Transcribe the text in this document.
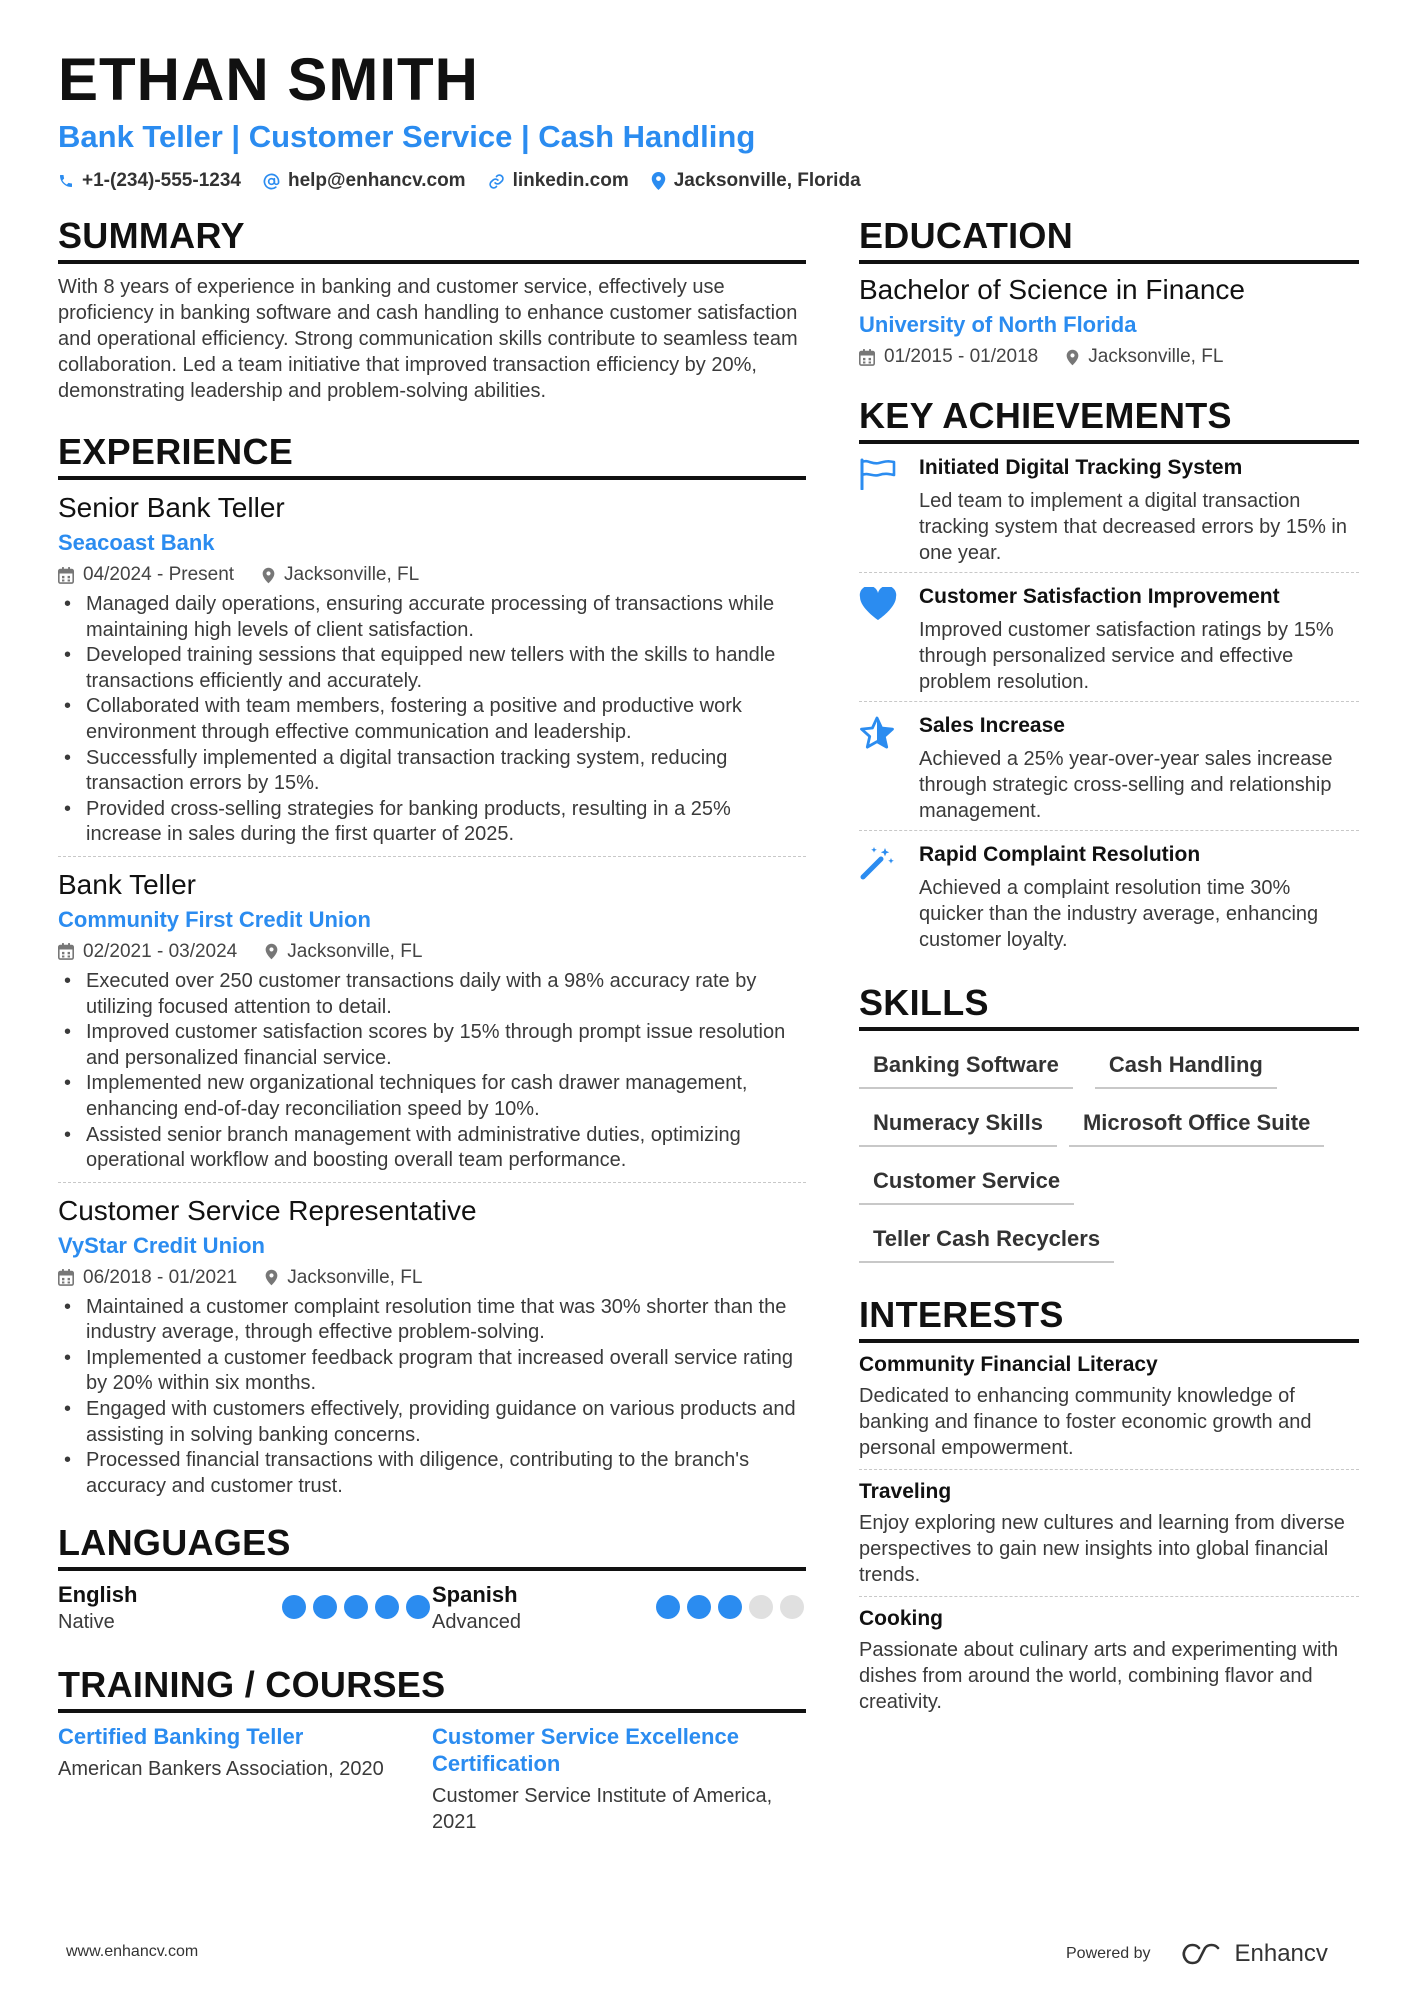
ETHAN SMITH
Bank Teller | Customer Service | Cash Handling
+1-(234)-555-1234 help@enhancv.com linkedin.com Jacksonville, Florida
SUMMARY
With 8 years of experience in banking and customer service, effectively use proficiency in banking software and cash handling to enhance customer satisfaction and operational efficiency. Strong communication skills contribute to seamless team collaboration. Led a team initiative that improved transaction efficiency by 20%, demonstrating leadership and problem-solving abilities.
EXPERIENCE
Senior Bank Teller
Seacoast Bank
04/2024 - Present	Jacksonville, FL
• Managed daily operations, ensuring accurate processing of transactions while maintaining high levels of client satisfaction.
• Developed training sessions that equipped new tellers with the skills to handle transactions efficiently and accurately.
• Collaborated with team members, fostering a positive and productive work environment through effective communication and leadership.
• Successfully implemented a digital transaction tracking system, reducing transaction errors by 15%.
• Provided cross-selling strategies for banking products, resulting in a 25% increase in sales during the first quarter of 2025.
Bank Teller
Community First Credit Union
02/2021 - 03/2024	Jacksonville, FL
• Executed over 250 customer transactions daily with a 98% accuracy rate by utilizing focused attention to detail.
• Improved customer satisfaction scores by 15% through prompt issue resolution and personalized financial service.
• Implemented new organizational techniques for cash drawer management, enhancing end-of-day reconciliation speed by 10%.
• Assisted senior branch management with administrative duties, optimizing operational workflow and boosting overall team performance.
Customer Service Representative
VyStar Credit Union
06/2018 - 01/2021	Jacksonville, FL
• Maintained a customer complaint resolution time that was 30% shorter than the industry average, through effective problem-solving.
• Implemented a customer feedback program that increased overall service rating by 20% within six months.
• Engaged with customers effectively, providing guidance on various products and assisting in solving banking concerns.
• Processed financial transactions with diligence, contributing to the branch's accuracy and customer trust.
LANGUAGES
English
Native
Spanish
Advanced
TRAINING / COURSES
Certified Banking Teller
American Bankers Association, 2020
Customer Service Excellence Certification
Customer Service Institute of America, 2021
EDUCATION
Bachelor of Science in Finance
University of North Florida
01/2015 - 01/2018	Jacksonville, FL
KEY ACHIEVEMENTS
Initiated Digital Tracking System
Led team to implement a digital transaction tracking system that decreased errors by 15% in one year.
Customer Satisfaction Improvement
Improved customer satisfaction ratings by 15% through personalized service and effective problem resolution.
Sales Increase
Achieved a 25% year-over-year sales increase through strategic cross-selling and relationship management.
Rapid Complaint Resolution
Achieved a complaint resolution time 30% quicker than the industry average, enhancing customer loyalty.
SKILLS
Banking Software	Cash Handling
Numeracy Skills	Microsoft Office Suite
Customer Service
Teller Cash Recyclers
INTERESTS
Community Financial Literacy
Dedicated to enhancing community knowledge of banking and finance to foster economic growth and personal empowerment.
Traveling
Enjoy exploring new cultures and learning from diverse perspectives to gain new insights into global financial trends.
Cooking
Passionate about culinary arts and experimenting with dishes from around the world, combining flavor and creativity.
www.enhancv.com	Powered by	Enhancv
